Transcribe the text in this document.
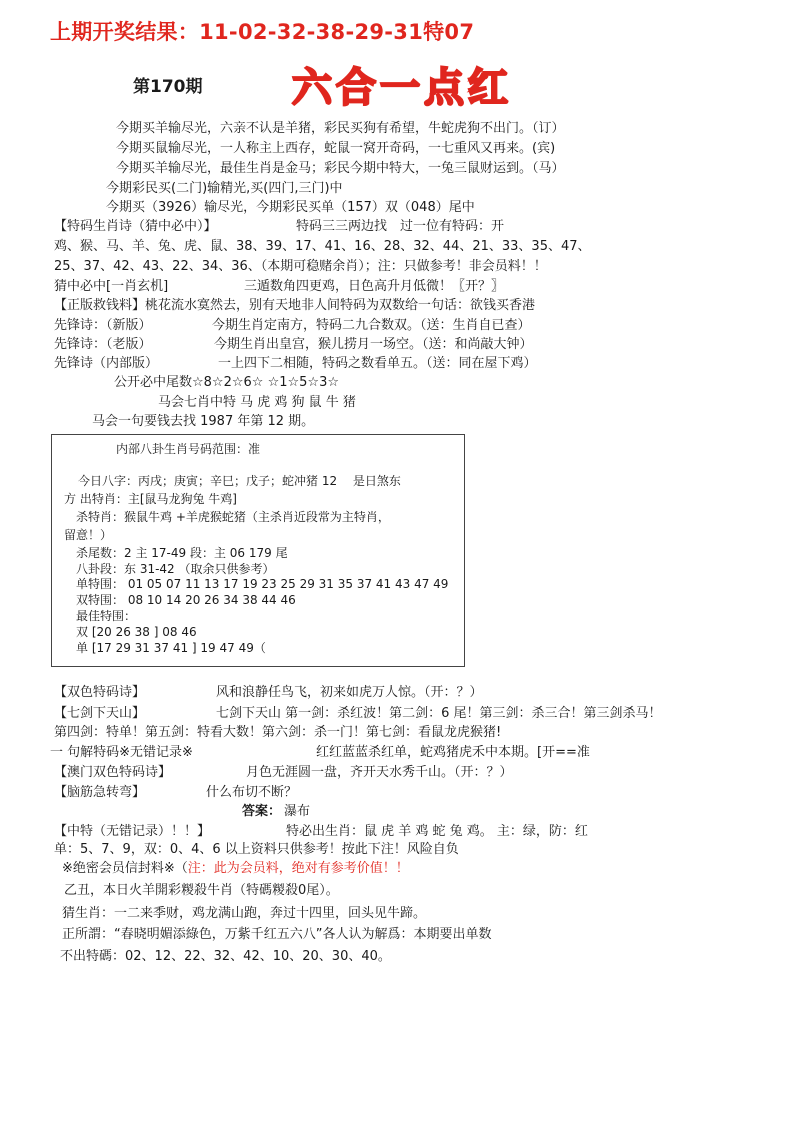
上期开奖结果：11-02-32-38-29-31特07
第170期 六合一点红
今期买羊输尽光，六亲不认是羊猪，彩民买狗有希望，牛蛇虎狗不出门。（订）
今期买鼠输尽光，一人称主上西存，蛇鼠一窝开奇码，一七重风又再来。(宾)
今期买羊输尽光，最佳生肖是金马；彩民今期中特大，一兔三鼠财运到。（马）
今期彩民买(二门)输精光,买(四门,三门)中
今期买（3926）输尽光，今期彩民买单（157）双（048）尾中
【特码生肖诗（猜中必中）】	特码三三两边找　过一位有特码：开
鸡、猴、马、羊、兔、虎、鼠、38、39、17、41、16、28、32、44、21、33、35、47、
25、37、42、43、22、34、36、（本期可稳赌余肖）；注：只做参考！非会员料！！
猜中必中[一肖玄机]	三遁数角四更鸡，日色高升月低微！〖开？〗
【正版救钱料】桃花流水寞然去，别有天地非人间特码为双数给一句话：欲钱买香港
先锋诗：（新版）	今期生肖定南方，特码二九合数双。（送：生肖自已查）
先锋诗：（老版）	今期生肖出皇宫，猴儿捞月一场空。（送：和尚敲大钟）
先锋诗（内部版）	一上四下二相随，特码之数看单五。（送：同在屋下鸡）
公开必中尾数☆8☆2☆6☆ ☆1☆5☆3☆
马会七肖中特 马 虎 鸡 狗 鼠 牛 猪
马会一句要钱去找 1987 年第 12 期。
内部八卦生肖号码范围：准
今日八字：丙戌；庚寅；辛巳；戊子；蛇冲猪 12　 是日煞东
方 出特肖：主[鼠马龙狗兔 牛鸡]
杀特肖：猴鼠牛鸡 +羊虎猴蛇猪（主杀肖近段常为主特肖，
留意！）
杀尾数：2 主 17-49 段：主 06 179 尾
八卦段：东 31-42 （取余只供参考）
单特围： 01 05 07 11 13 17 19 23 25 29 31 35 37 41 43 47 49
双特围： 08 10 14 20 26 34 38 44 46
最佳特围：
双 [20 26 38 ] 08 46
单 [17 29 31 37 41 ] 19 47 49（
【双色特码诗】	风和浪静任鸟飞，初来如虎万人惊。（开：？）
【七剑下天山】	七剑下天山 第一剑：杀红波！第二剑：6 尾！第三剑：杀三合！第三剑杀马！
第四剑：特单！第五剑：特看大数！第六剑：杀一门！第七剑：看鼠龙虎猴猪!
一 句解特码※无错记录※	红红蓝蓝杀红单，蛇鸡猪虎禾中本期。[开==准
【澳门双色特码诗】	月色无涯圆一盘，齐开天水秀千山。（开：？）
【脑筋急转弯】	什么布切不断？
答案： 瀑布
【中特（无错记录）！！】	特必出生肖：鼠 虎 羊 鸡 蛇 兔 鸡。 主：绿，防：红
单：5、7、9，双：0、4、6 以上资料只供参考！按此下注！风险自负
※绝密会员信封料※（注：此为会员料，绝对有参考价值！！
乙丑，本日火羊開彩糉殺牛肖（特碼糉殺0尾）。
猜生肖：一二来季财，鸡龙满山跑，奔过十四里，回头见牛蹄。
正所謂：“春晓明媚添綠色，万紫千红五六八”各人认为解爲：本期要出单数
不出特碼：02、12、22、32、42、10、20、30、40。
